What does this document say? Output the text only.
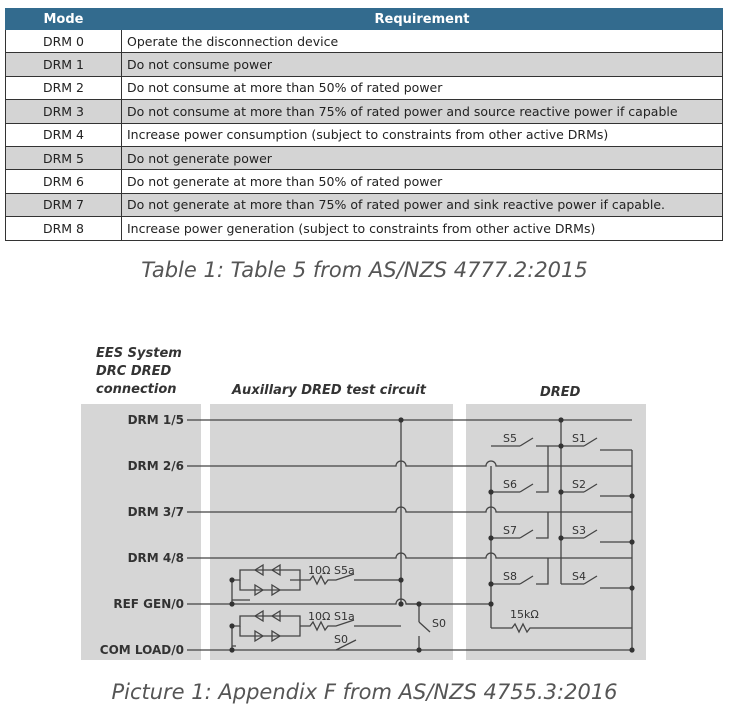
Mode	Requirement
DRM 0	Operate the disconnection device
DRM 1	Do not consume power
DRM 2	Do not consume at more than 50% of rated power
DRM 3	Do not consume at more than 75% of rated power and source reactive power if capable
DRM 4	Increase power consumption (subject to constraints from other active DRMs)
DRM 5	Do not generate power
DRM 6	Do not generate at more than 50% of rated power
DRM 7	Do not generate at more than 75% of rated power and sink reactive power if capable.
DRM 8	Increase power generation (subject to constraints from other active DRMs)
Table 1: Table 5 from AS/NZS 4777.2:2015
EES System
DRC DRED
connection	Auxillary DRED test circuit	DRED
DRM 1/5
DRM 2/6
DRM 3/7
DRM 4/8
REF GEN/0
COM LOAD/0
S5	S1
S6	S2
S7	S3
S8	S4
15kΩ
10Ω S5a
10Ω S1a
S0
S0
Picture 1: Appendix F from AS/NZS 4755.3:2016
